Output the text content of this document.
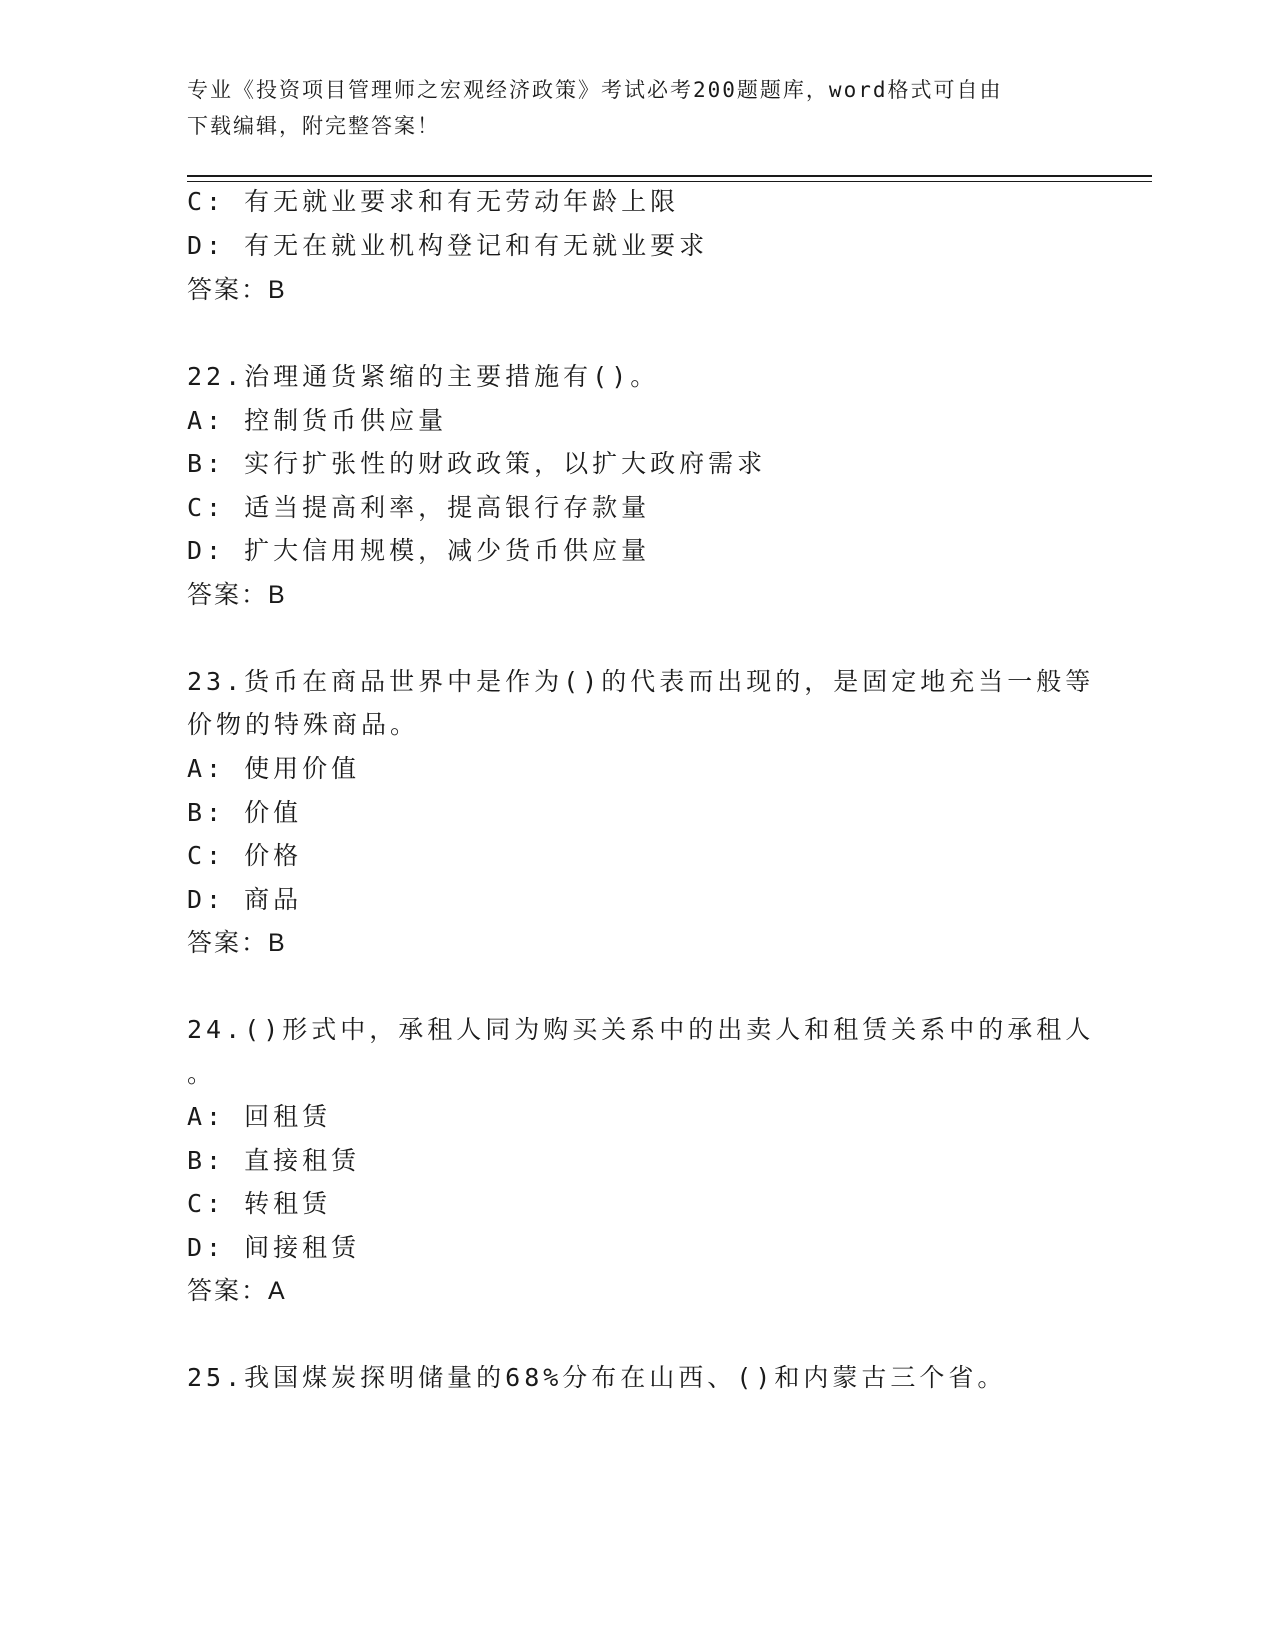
专业《投资项目管理师之宏观经济政策》考试必考200题题库，word格式可自由
下载编辑，附完整答案！
C: 有无就业要求和有无劳动年龄上限
D: 有无在就业机构登记和有无就业要求
答案：B
22.治理通货紧缩的主要措施有()。
A: 控制货币供应量
B: 实行扩张性的财政政策，以扩大政府需求
C: 适当提高利率，提高银行存款量
D: 扩大信用规模，减少货币供应量
答案：B
23.货币在商品世界中是作为()的代表而出现的，是固定地充当一般等
价物的特殊商品。
A: 使用价值
B: 价值
C: 价格
D: 商品
答案：B
24.()形式中，承租人同为购买关系中的出卖人和租赁关系中的承租人
。
A: 回租赁
B: 直接租赁
C: 转租赁
D: 间接租赁
答案：A
25.我国煤炭探明储量的68%分布在山西、()和内蒙古三个省。
